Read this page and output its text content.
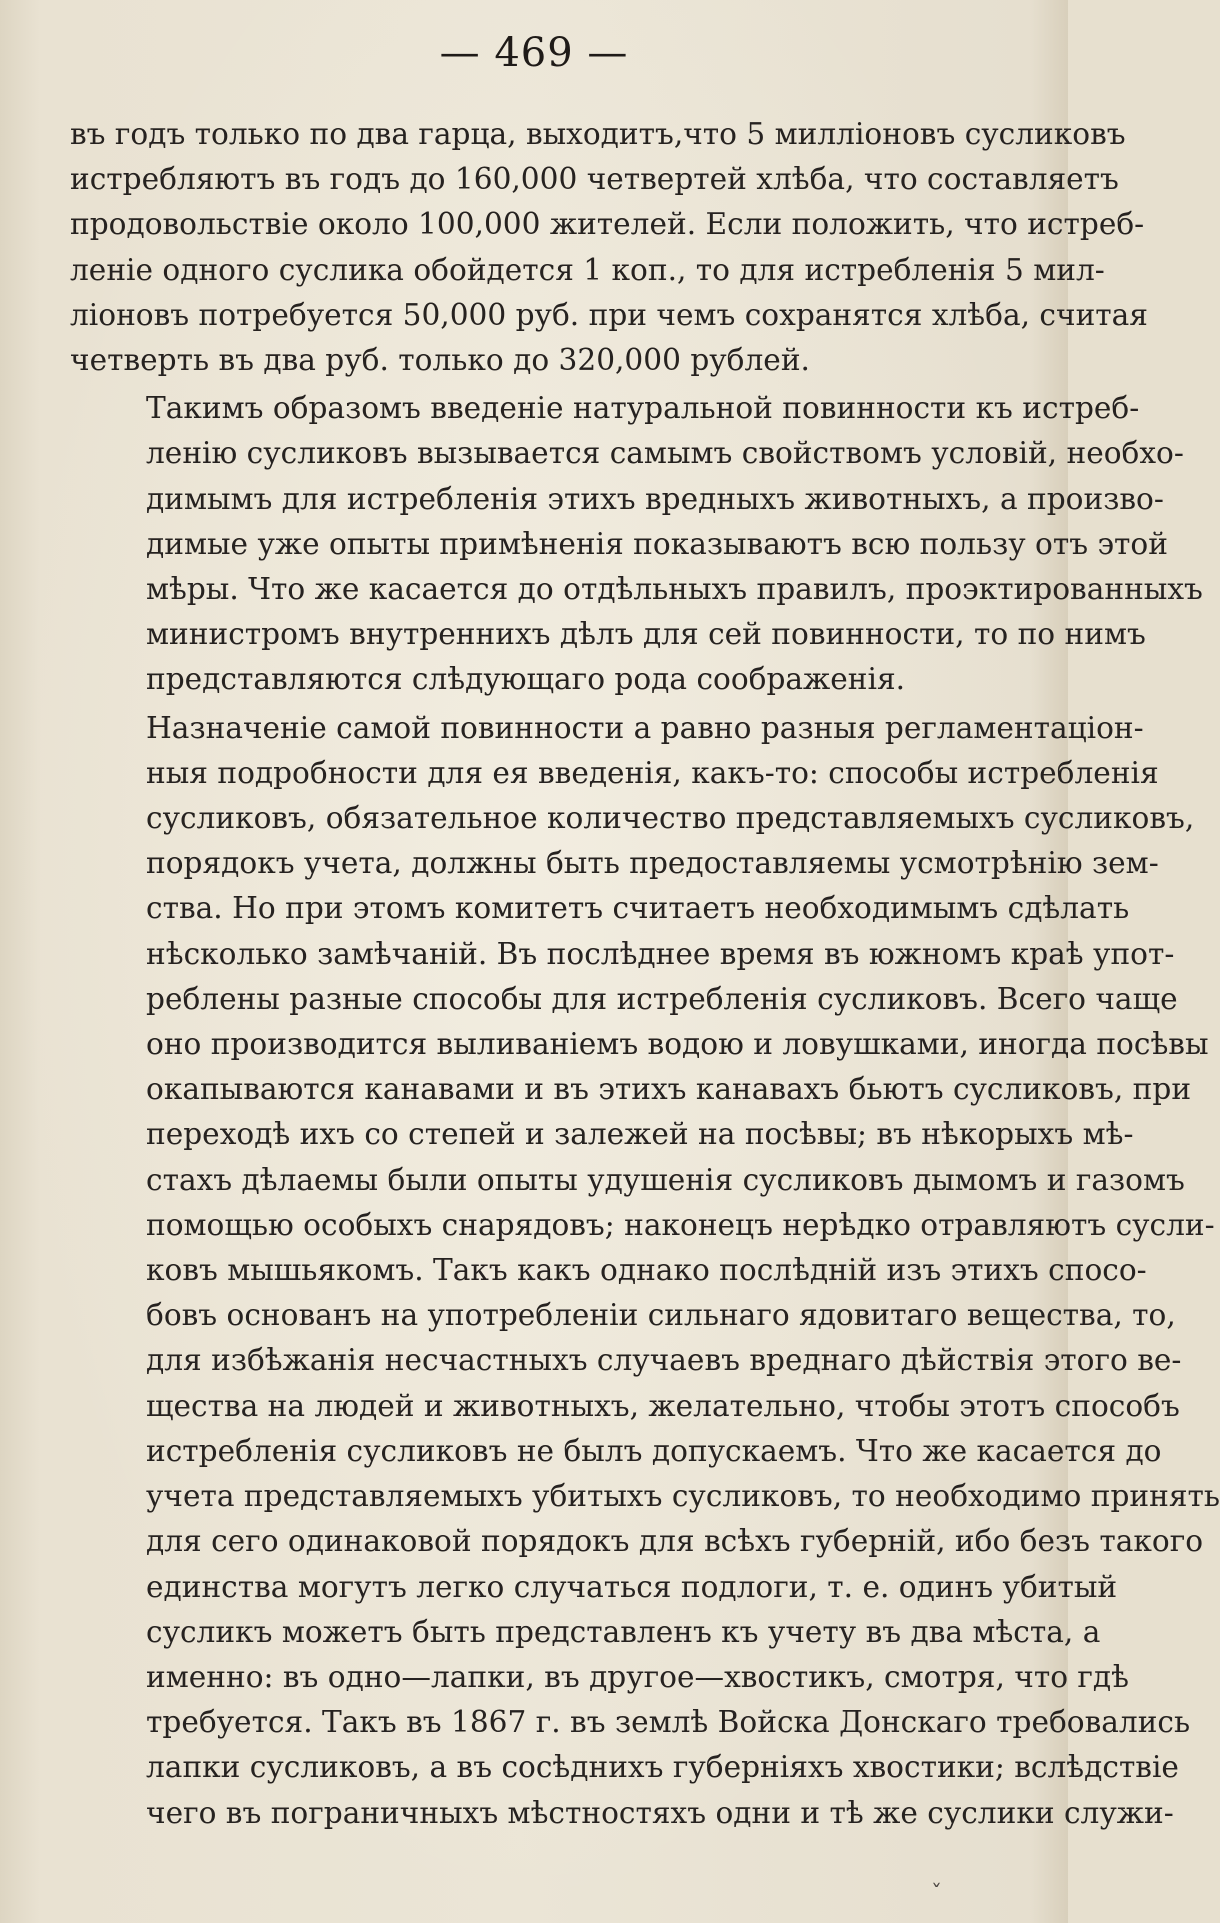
— 469 —

въ годъ только по два гарца, выходитъ,что 5 милліоновъ сусликовъ
истребляютъ въ годъ до 160,000 четвертей хлѣба, что составляетъ
продовольствіе около 100,000 жителей. Если положить, что истреб-
леніе одного суслика обойдется 1 коп., то для истребленія 5 мил-
ліоновъ потребуется 50,000 руб. при чемъ сохранятся хлѣба, считая
четверть въ два руб. только до 320,000 рублей.

Такимъ образомъ введеніе натуральной повинности къ истреб-
ленію сусликовъ вызывается самымъ свойствомъ условій, необхо-
димымъ для истребленія этихъ вредныхъ животныхъ, а произво-
димые уже опыты примѣненія показываютъ всю пользу отъ этой
мѣры. Что же касается до отдѣльныхъ правилъ, проэктированныхъ
министромъ внутреннихъ дѣлъ для сей повинности, то по нимъ
представляются слѣдующаго рода соображенія.

Назначеніе самой повинности а равно разныя регламентаціон-
ныя подробности для ея введенія, какъ-то: способы истребленія
сусликовъ, обязательное количество представляемыхъ сусликовъ,
порядокъ учета, должны быть предоставляемы усмотрѣнію зем-
ства. Но при этомъ комитетъ считаетъ необходимымъ сдѣлать
нѣсколько замѣчаній. Въ послѣднее время въ южномъ краѣ упот-
реблены разные способы для истребленія сусликовъ. Всего чаще
оно производится выливаніемъ водою и ловушками, иногда посѣвы
окапываются канавами и въ этихъ канавахъ бьютъ сусликовъ, при
переходѣ ихъ со степей и залежей на посѣвы; въ нѣкорыхъ мѣ-
стахъ дѣлаемы были опыты удушенія сусликовъ дымомъ и газомъ
помощью особыхъ снарядовъ; наконецъ нерѣдко отравляютъ сусли-
ковъ мышьякомъ. Такъ какъ однако послѣдній изъ этихъ спосо-
бовъ основанъ на употребленіи сильнаго ядовитаго вещества, то,
для избѣжанія несчастныхъ случаевъ вреднаго дѣйствія этого ве-
щества на людей и животныхъ, желательно, чтобы этотъ способъ
истребленія сусликовъ не былъ допускаемъ. Что же касается до
учета представляемыхъ убитыхъ сусликовъ, то необходимо принять
для сего одинаковой порядокъ для всѣхъ губерній, ибо безъ такого
единства могутъ легко случаться подлоги, т. е. одинъ убитый
сусликъ можетъ быть представленъ къ учету въ два мѣста, а
именно: въ одно—лапки, въ другое—хвостикъ, смотря, что гдѣ
требуется. Такъ въ 1867 г. въ землѣ Войска Донскаго требовались
лапки сусликовъ, а въ сосѣднихъ губерніяхъ хвостики; вслѣдствіе
чего въ пограничныхъ мѣстностяхъ одни и тѣ же суслики служи-

ˇ
